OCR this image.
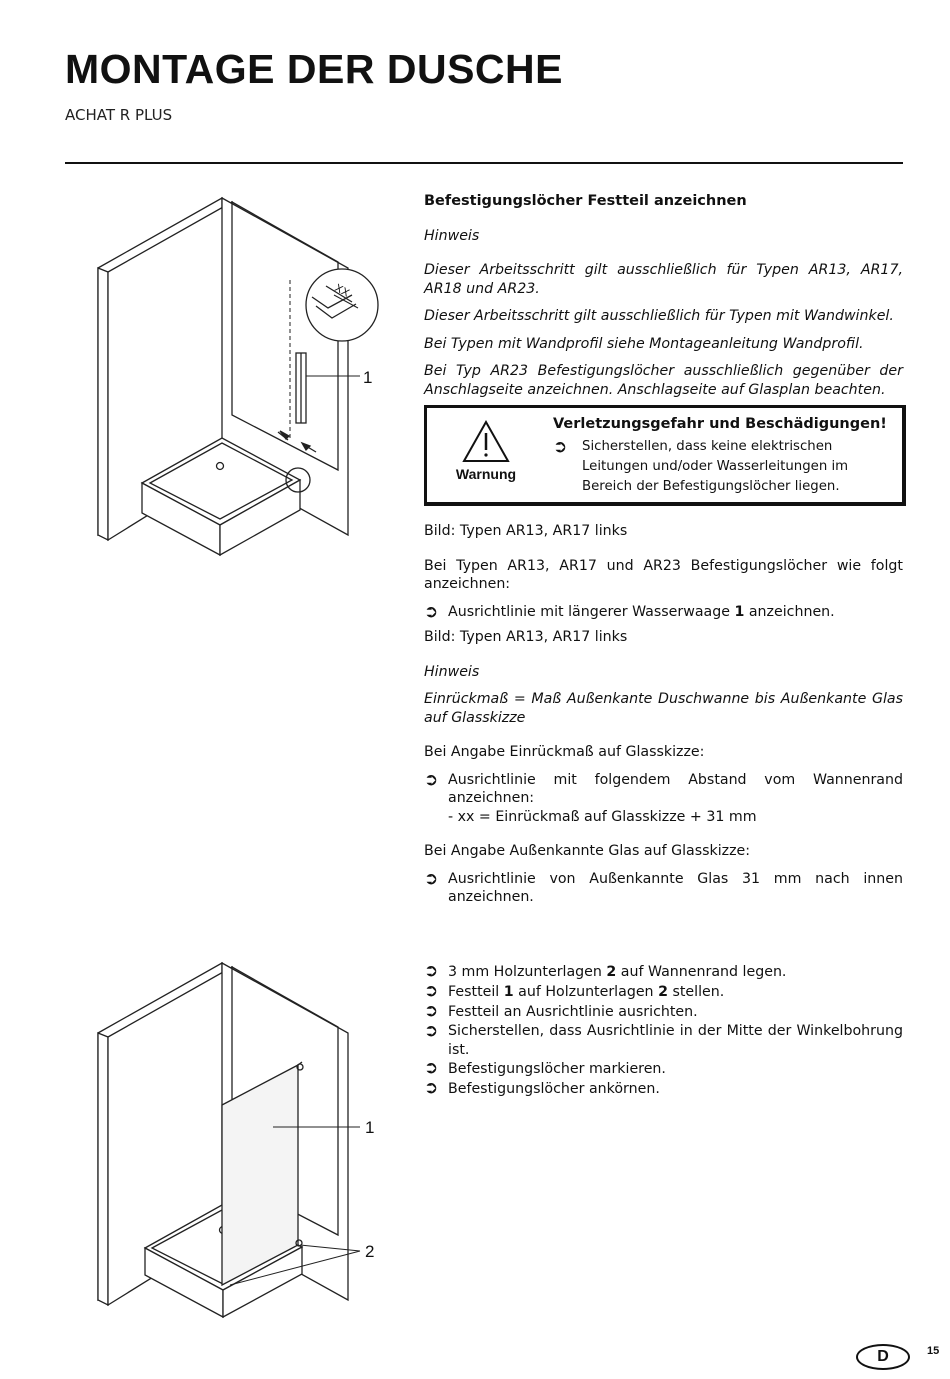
MONTAGE DER DUSCHE
ACHAT R PLUS
XX
1
1
2

Befestigungslöcher Festteil anzeichnen

Hinweis

Dieser Arbeitsschritt gilt ausschließlich für Typen AR13, AR17, AR18 und AR23.

Dieser Arbeitsschritt gilt ausschließlich für Typen mit Wandwinkel.

Bei Typen mit Wandprofil siehe Montageanleitung Wandprofil.

Bei Typ AR23 Befestigungslöcher ausschließlich gegenüber der Anschlagseite anzeichnen. Anschlagseite auf Glasplan beachten.

Warnung
Verletzungsgefahr und Beschädigungen!
➲	Sicherstellen, dass keine elektrischen Leitungen und/oder Wasserleitungen im Bereich der Befestigungslöcher liegen.

Bild: Typen AR13, AR17 links

Bei Typen AR13, AR17 und AR23 Befestigungslöcher wie folgt anzeichnen:

➲ Ausrichtlinie mit längerer Wasserwaage 1 anzeichnen.

Bild: Typen AR13, AR17 links

Hinweis

Einrückmaß = Maß Außenkante Duschwanne bis Außenkante Glas auf Glasskizze

Bei Angabe Einrückmaß auf Glasskizze:

➲ Ausrichtlinie mit folgendem Abstand vom Wannenrand anzeichnen:

- xx = Einrückmaß auf Glasskizze + 31 mm

Bei Angabe Außenkannte Glas auf Glasskizze:

➲ Ausrichtlinie von Außenkannte Glas 31 mm nach innen anzeichnen.
➲ 3 mm Holzunterlagen 2 auf Wannenrand legen.
➲ Festteil 1 auf Holzunterlagen 2 stellen.
➲ Festteil an Ausrichtlinie ausrichten.
➲ Sicherstellen, dass Ausrichtlinie in der Mitte der Winkelbohrung ist.
➲ Befestigungslöcher markieren.
➲ Befestigungslöcher ankörnen.
D	15
